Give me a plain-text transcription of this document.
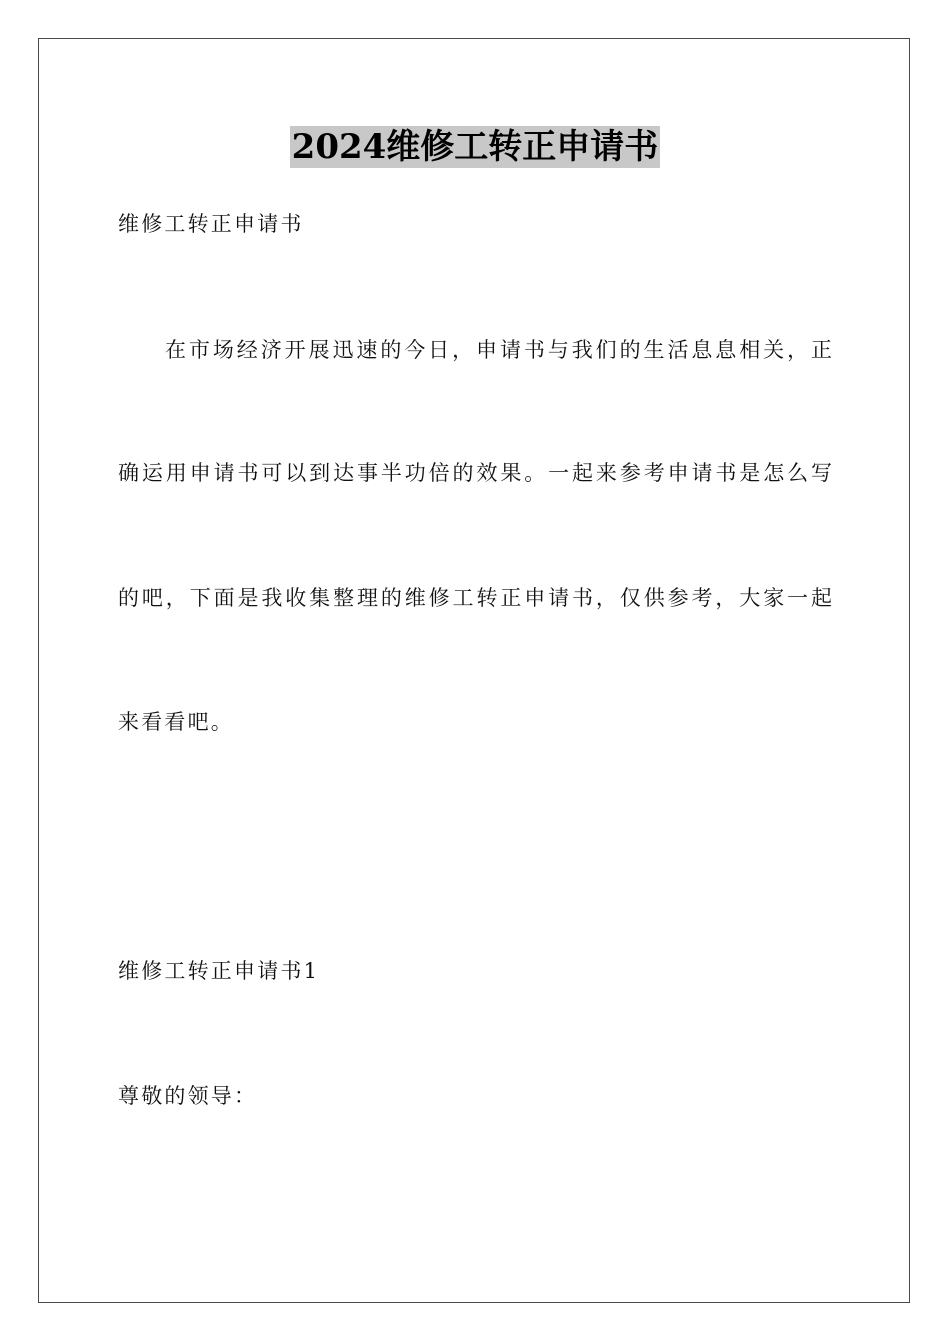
2024维修工转正申请书
维修工转正申请书
在市场经济开展迅速的今日，申请书与我们的生活息息相关，正
确运用申请书可以到达事半功倍的效果。一起来参考申请书是怎么写
的吧，下面是我收集整理的维修工转正申请书，仅供参考，大家一起
来看看吧。
维修工转正申请书1
尊敬的领导：
